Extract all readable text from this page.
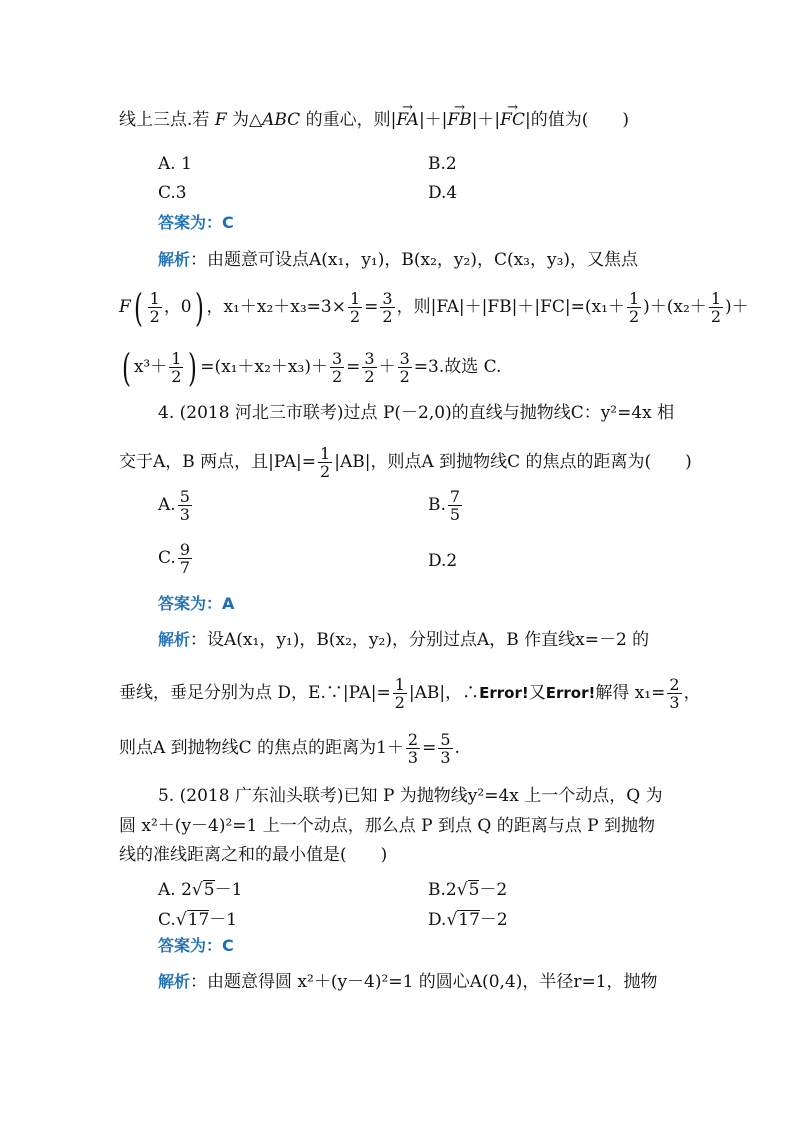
线上三点.若 F 为△ABC 的重心，则|→ FA|＋|→ FB|＋|→ FC|的值为(　　)
A. 1	B.2
C.3	D.4
答案为：C
解析：由题意可设点A(x₁，y₁)，B(x₂，y₂)，C(x₃，y₃)，又焦点
$F( \frac{1}{2}$ ，0) ，$x_1+x_2+x_3=3\times \frac{1}{2} = \frac{3}{2}$ ，则$|FA|+|FB|+|FC|=(x_1+ \frac{1}{2} )+(x_2+ \frac{1}{2}$ )＋
( $x^3+ \frac{1}{2}$ ) $=(x_1+x_2+x_3)+ \frac{3}{2} = \frac{3}{2} + \frac{3}{2} =3$.故选 C.
4. (2018 河北三市联考)过点 P(－2,0)的直线与抛物线C：y²=4x 相
交于A，B 两点，且$|PA|= \frac{1}{2} |AB|$，则点A 到抛物线C 的焦点的距离为(　　)
A. $\frac{5}{3}$	B. $\frac{7}{5}$
C. $\frac{9}{7}$	D.2
答案为：A
解析：设A(x₁，y₁)，B(x₂，y₂)，分别过点A，B 作直线x=－2 的
垂线，垂足分别为点 D，E.∵|PA|= $\frac{1}{2} |AB|$，∴Error!又Error!解得 $x_1= \frac{2}{3}$ ，
则点A 到抛物线C 的焦点的距离为$1+ \frac{2}{3} = \frac{5}{3}$ .
5. (2018 广东汕头联考)已知 P 为抛物线y²=4x 上一个动点，Q 为
圆 x²＋(y－4)²=1 上一个动点，那么点 P 到点 Q 的距离与点 P 到抛物
线的准线距离之和的最小值是(　　)
A. 2√5－1	B.2√5－2
C.√17－1	D.√17－2
答案为：C
解析：由题意得圆 x²＋(y－4)²=1 的圆心A(0,4)，半径r=1，抛物
